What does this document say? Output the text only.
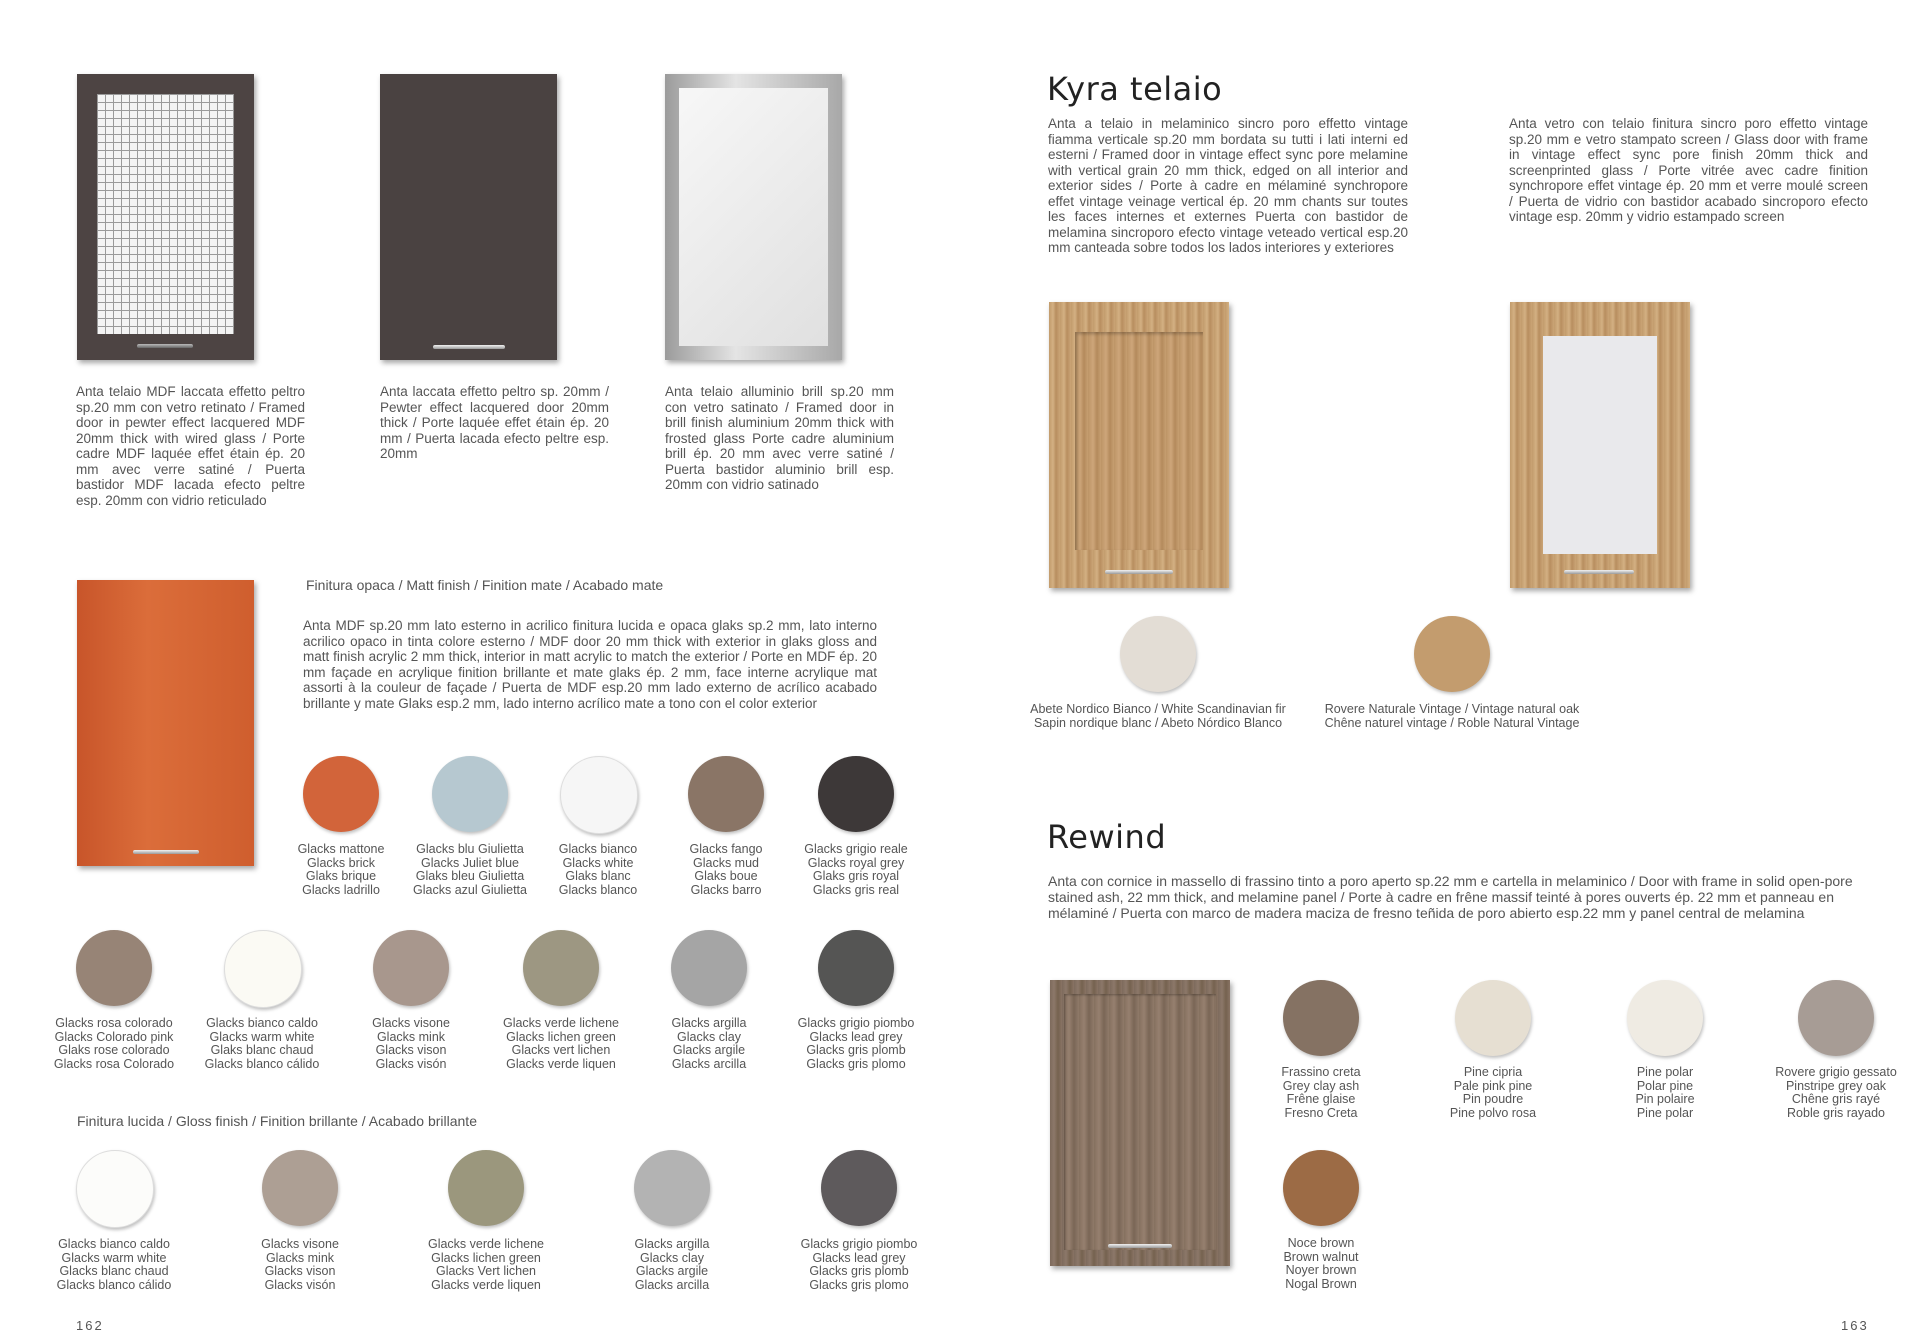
Anta telaio MDF laccata effetto peltro sp.20 mm con vetro retinato / Framed door in pewter effect lacquered MDF 20mm thick with wired glass / Porte cadre MDF laquée effet étain ép. 20 mm avec verre satiné / Puerta bastidor MDF lacada efecto peltre esp. 20mm con vidrio reticulado
Anta laccata effetto peltro sp. 20mm / Pewter effect lacquered door 20mm thick / Porte laquée effet étain ép. 20 mm / Puerta lacada efecto peltre esp. 20mm
Anta telaio alluminio brill sp.20 mm con vetro satinato / Framed door in brill finish aluminium 20mm thick with frosted glass Porte cadre aluminium brill ép. 20 mm avec verre satiné / Puerta bastidor aluminio brill esp. 20mm con vidrio satinado
Finitura opaca / Matt finish / Finition mate / Acabado mate
Anta MDF sp.20 mm lato esterno in acrilico finitura lucida e opaca glaks sp.2 mm, lato interno acrilico opaco in tinta colore esterno / MDF door 20 mm thick with exterior in glaks gloss and matt finish acrylic 2 mm thick, interior in matt acrylic to match the exterior / Porte en MDF ép. 20 mm façade en acrylique finition brillante et mate glaks ép. 2 mm, face interne acrylique mat assorti à la couleur de façade / Puerta de MDF esp.20 mm lado externo de acrílico acabado brillante y mate Glaks esp.2 mm, lado interno acrílico mate a tono con el color exterior
Glacks mattone
Glacks brick
Glaks brique
Glacks ladrillo
Glacks blu Giulietta
Glacks Juliet blue
Glaks bleu Giulietta
Glacks azul Giulietta
Glacks bianco
Glacks white
Glaks blanc
Glacks blanco
Glacks fango
Glacks mud
Glaks boue
Glacks barro
Glacks grigio reale
Glacks royal grey
Glaks gris royal
Glacks gris real
Glacks rosa colorado
Glacks Colorado pink
Glaks rose colorado
Glacks rosa Colorado
Glacks bianco caldo
Glacks warm white
Glaks blanc chaud
Glacks blanco cálido
Glacks visone
Glacks mink
Glacks vison
Glacks visón
Glacks verde lichene
Glacks lichen green
Glacks vert lichen
Glacks verde liquen
Glacks argilla
Glacks clay
Glacks argile
Glacks arcilla
Glacks grigio piombo
Glacks lead grey
Glacks gris plomb
Glacks gris plomo
Finitura lucida / Gloss finish / Finition brillante / Acabado brillante
Glacks bianco caldo
Glacks warm white
Glacks blanc chaud
Glacks blanco cálido
Glacks visone
Glacks mink
Glacks vison
Glacks visón
Glacks verde lichene
Glacks lichen green
Glacks Vert lichen
Glacks verde liquen
Glacks argilla
Glacks clay
Glacks argile
Glacks arcilla
Glacks grigio piombo
Glacks lead grey
Glacks gris plomb
Glacks gris plomo
162
Kyra telaio
Anta a telaio in melaminico sincro poro effetto vintage fiamma verticale sp.20 mm bordata su tutti i lati interni ed esterni / Framed door in vintage effect sync pore melamine with vertical grain 20 mm thick, edged on all interior and exterior sides / Porte à cadre en mélaminé synchropore effet vintage veinage vertical ép. 20 mm chants sur toutes les faces internes et externes Puerta con bastidor de melamina sincroporo efecto vintage veteado vertical esp.20 mm canteada sobre todos los lados interiores y exteriores
Anta vetro con telaio finitura sincro poro effetto vintage sp.20 mm e vetro stampato screen / Glass door with frame in vintage effect sync pore finish 20mm thick and screenprinted glass / Porte vitrée avec cadre finition synchropore effet vintage ép. 20 mm et verre moulé screen / Puerta de vidrio con bastidor acabado sincroporo efecto vintage esp. 20mm y vidrio estampado screen
Abete Nordico Bianco / White Scandinavian fir
Sapin nordique blanc / Abeto Nórdico Blanco
Rovere Naturale Vintage / Vintage natural oak
Chêne naturel vintage / Roble Natural Vintage
Rewind
Anta con cornice in massello di frassino tinto a poro aperto sp.22 mm e cartella in melaminico / Door with frame in solid open-pore stained ash, 22 mm thick, and melamine panel / Porte à cadre en frêne massif teinté à pores ouverts ép. 22 mm et panneau en mélaminé / Puerta con marco de madera maciza de fresno teñida de poro abierto esp.22 mm y panel central de melamina
Frassino creta
Grey clay ash
Frêne glaise
Fresno Creta
Pine cipria
Pale pink pine
Pin poudre
Pine polvo rosa
Pine polar
Polar pine
Pin polaire
Pine polar
Rovere grigio gessato
Pinstripe grey oak
Chêne gris rayé
Roble gris rayado
Noce brown
Brown walnut
Noyer brown
Nogal Brown
163
